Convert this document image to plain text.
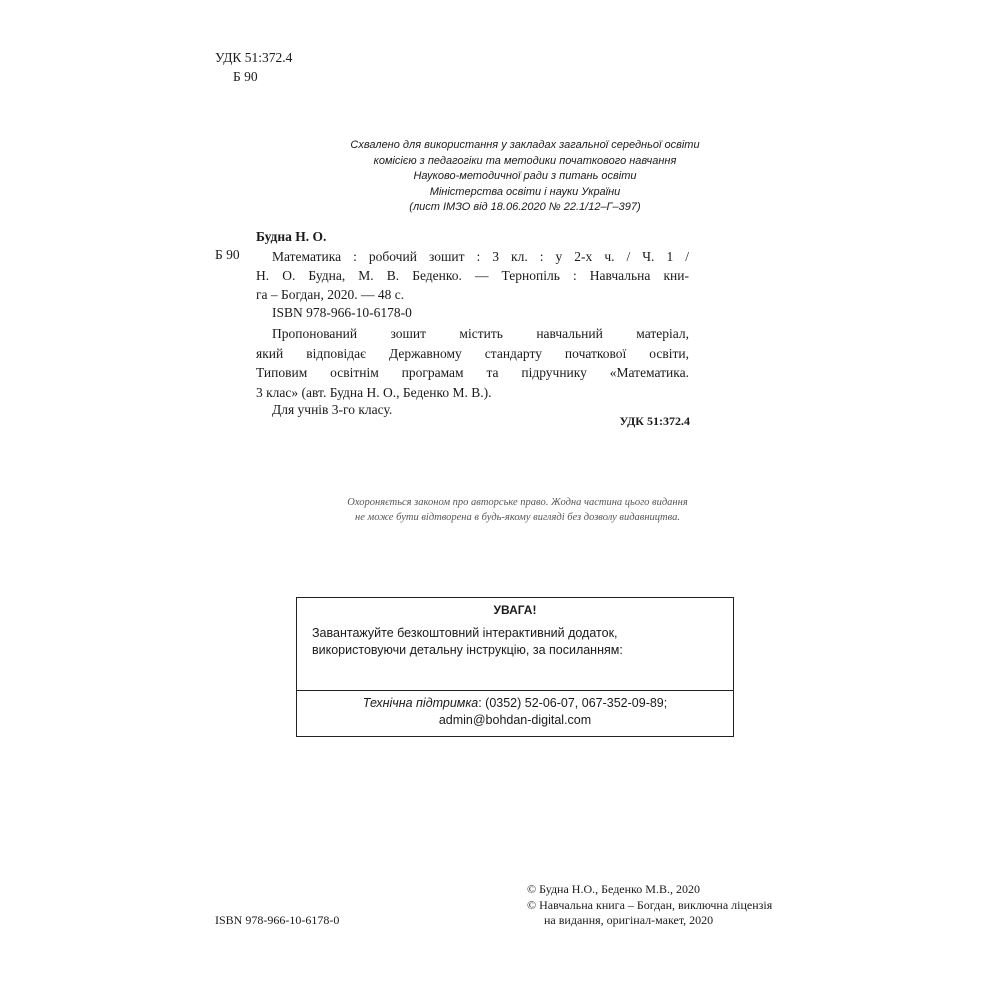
УДК 51:372.4
Б 90
Схвалено для використання у закладах загальної середньої освіти
комісією з педагогіки та методики початкового навчання
Науково-методичної ради з питань освіти
Міністерства освіти і науки України
(лист ІМЗО від 18.06.2020 № 22.1/12–Г–397)
Будна Н. О.
Б 90	Математика : робочий зошит : 3 кл. : у 2-х ч. / Ч. 1 /
Н. О. Будна, М. В. Беденко. — Тернопіль : Навчальна кни-
га – Богдан, 2020. — 48 с.
ISBN 978-966-10-6178-0
Пропонований зошит містить навчальний матеріал,
який відповідає Державному стандарту початкової освіти,
Типовим освітнім програмам та підручнику «Математика.
3 клас» (авт. Будна Н. О., Беденко М. В.).
Для учнів 3-го класу.
УДК 51:372.4
Охороняється законом про авторське право. Жодна частина цього видання
не може бути відтворена в будь-якому вигляді без дозволу видавництва.
УВАГА!
Завантажуйте безкоштовний інтерактивний додаток,
використовуючи детальну інструкцію, за посиланням:
Технічна підтримка: (0352) 52-06-07, 067-352-09-89;
admin@bohdan-digital.com
ISBN 978-966-10-6178-0
© Будна Н.О., Беденко М.В., 2020
© Навчальна книга – Богдан, виключна ліцензія
на видання, оригінал-макет, 2020
